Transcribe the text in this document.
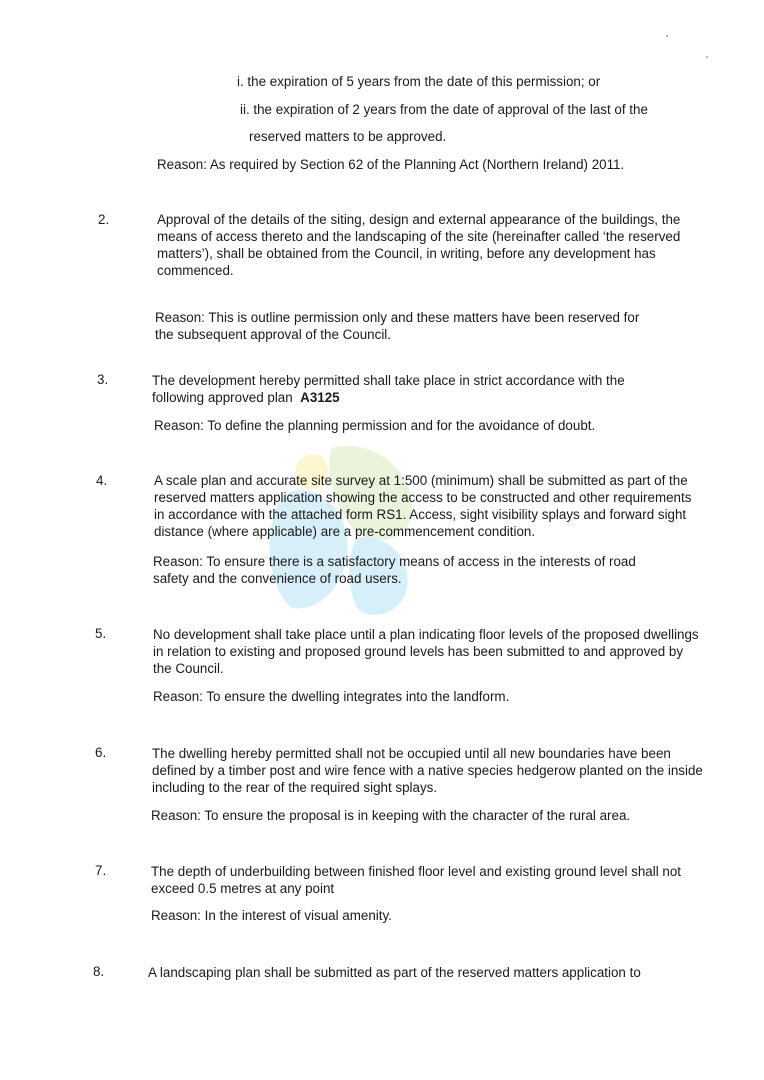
i. the expiration of 5 years from the date of this permission; or
ii. the expiration of 2 years from the date of approval of the last of the
reserved matters to be approved.
Reason: As required by Section 62 of the Planning Act (Northern Ireland) 2011.
2.	Approval of the details of the siting, design and external appearance of the buildings, the means of access thereto and the landscaping of the site (hereinafter called ‘the reserved matters’), shall be obtained from the Council, in writing, before any development has commenced.
Reason: This is outline permission only and these matters have been reserved for the subsequent approval of the Council.
3.	The development hereby permitted shall take place in strict accordance with the following approved plan A3125
Reason: To define the planning permission and for the avoidance of doubt.
4.	A scale plan and accurate site survey at 1:500 (minimum) shall be submitted as part of the reserved matters application showing the access to be constructed and other requirements in accordance with the attached form RS1. Access, sight visibility splays and forward sight distance (where applicable) are a pre-commencement condition.
Reason: To ensure there is a satisfactory means of access in the interests of road safety and the convenience of road users.
5.	No development shall take place until a plan indicating floor levels of the proposed dwellings in relation to existing and proposed ground levels has been submitted to and approved by the Council.
Reason: To ensure the dwelling integrates into the landform.
6.	The dwelling hereby permitted shall not be occupied until all new boundaries have been defined by a timber post and wire fence with a native species hedgerow planted on the inside including to the rear of the required sight splays.
Reason: To ensure the proposal is in keeping with the character of the rural area.
7.	The depth of underbuilding between finished floor level and existing ground level shall not exceed 0.5 metres at any point
Reason: In the interest of visual amenity.
8.	A landscaping plan shall be submitted as part of the reserved matters application to
